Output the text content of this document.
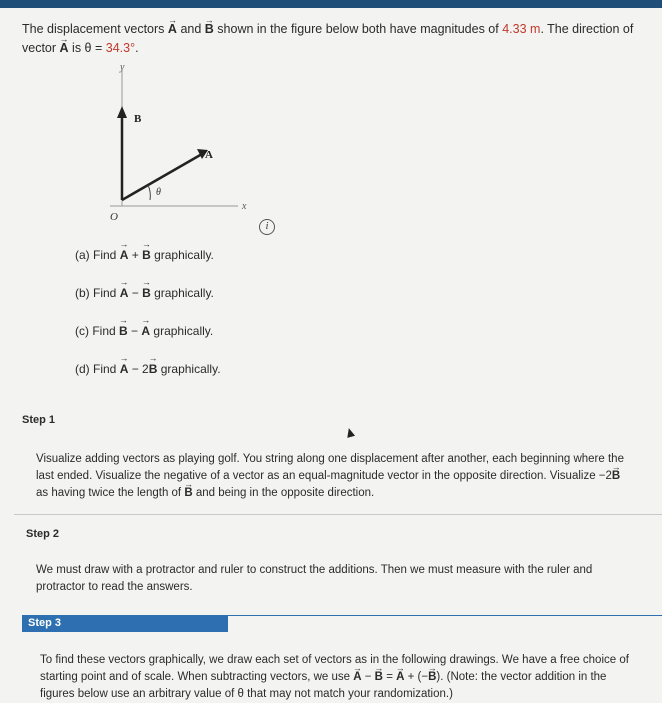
The displacement vectors → A and → B shown in the figure below both have magnitudes of 4.33 m. The direction of vector → A is θ = 34.3°.
y
x
O
B
A
θ
i
(a) Find → A + → B graphically.
(b) Find → A − → B graphically.
(c) Find → B − → A graphically.
(d) Find → A − 2→ B graphically.
Step 1
Visualize adding vectors as playing golf. You string along one displacement after another, each beginning where the last ended. Visualize the negative of a vector as an equal-magnitude vector in the opposite direction. Visualize −2→ B as having twice the length of → B and being in the opposite direction.
Step 2
We must draw with a protractor and ruler to construct the additions. Then we must measure with the ruler and protractor to read the answers.
Step 3
To find these vectors graphically, we draw each set of vectors as in the following drawings. We have a free choice of starting point and of scale. When subtracting vectors, we use → A − → B = → A + (−→ B). (Note: the vector addition in the figures below use an arbitrary value of θ that may not match your randomization.)
